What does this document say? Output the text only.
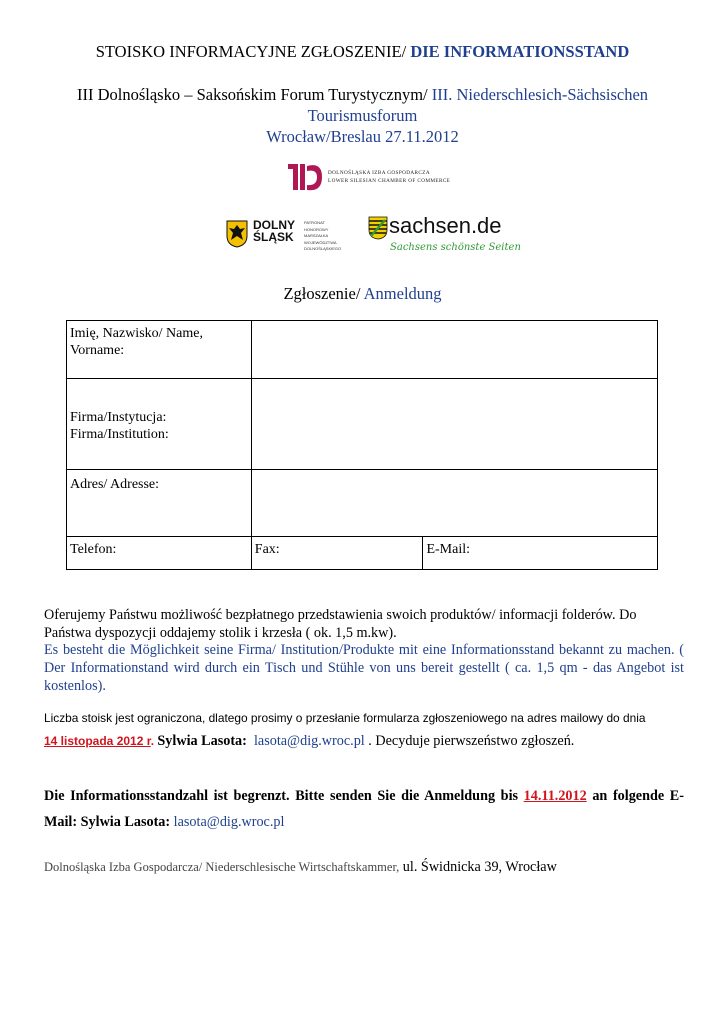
STOISKO INFORMACYJNE ZGŁOSZENIE/ DIE INFORMATIONSSTAND
III Dolnośląsko – Saksońskim Forum Turystycznym/ III. Niederschlesich-Sächsischen
Tourismusforum
Wrocław/Breslau 27.11.2012
DOLNOŚLĄSKA IZBA GOSPODARCZA
LOWER SILESIAN CHAMBER OF COMMERCE
DOLNY
ŚLĄSK
PATRONAT HONOROWY
MARSZAŁKA
WOJEWÓDZTWA
DOLNOŚLĄSKIEGO
sachsen.de
Sachsens schönste Seiten
Zgłoszenie/ Anmeldung
Imię, Nazwisko/ Name,
Vorname:		

Firma/Instytucja:
Firma/Institution:		

Adres/ Adresse:		
Telefon:	Fax:	E-Mail:
Oferujemy Państwu możliwość bezpłatnego przedstawienia swoich produktów/ informacji folderów. Do Państwa dyspozycji oddajemy stolik i krzesła ( ok. 1,5 m.kw).
Es besteht die Möglichkeit seine Firma/ Institution/Produkte mit eine Informationsstand bekannt zu machen. ( Der Informationstand wird durch ein Tisch und Stühle von uns bereit gestellt ( ca. 1,5 qm - das Angebot ist kostenlos).
Liczba stoisk jest ograniczona, dlatego prosimy o przesłanie formularza zgłoszeniowego na adres mailowy do dnia
14 listopada 2012 r. Sylwia Lasota: lasota@dig.wroc.pl . Decyduje pierwszeństwo zgłoszeń.
Die Informationsstandzahl ist begrenzt. Bitte senden Sie die Anmeldung bis 14.11.2012 an folgende E-Mail: Sylwia Lasota: lasota@dig.wroc.pl
Dolnośląska Izba Gospodarcza/ Niederschlesische Wirtschaftskammer, ul. Świdnicka 39, Wrocław
